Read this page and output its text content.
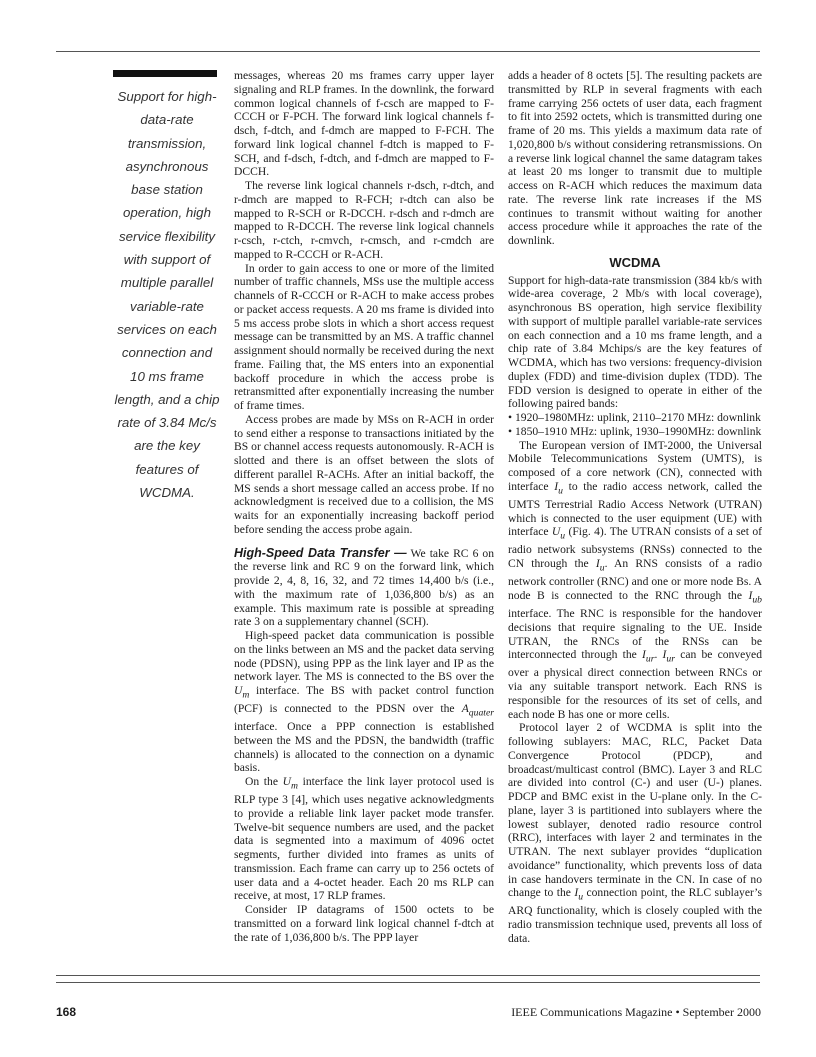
Support for high-data-rate transmission, asynchronous base station operation, high service flexibility with support of multiple parallel variable-rate services on each connection and 10 ms frame length, and a chip rate of 3.84 Mc/s are the key features of WCDMA.

messages, whereas 20 ms frames carry upper layer signaling and RLP frames. In the downlink, the forward common logical channels of f-csch are mapped to F-CCCH or F-PCH. The forward link logical channels f-dsch, f-dtch, and f-dmch are mapped to F-FCH. The forward link logical channel f-dtch is mapped to F-SCH, and f-dsch, f-dtch, and f-dmch are mapped to F-DCCH.

The reverse link logical channels r-dsch, r-dtch, and r-dmch are mapped to R-FCH; r-dtch can also be mapped to R-SCH or R-DCCH. r-dsch and r-dmch are mapped to R-DCCH. The reverse link logical channels r-csch, r-ctch, r-cmvch, r-cmsch, and r-cmdch are mapped to R-CCCH or R-ACH.

In order to gain access to one or more of the limited number of traffic channels, MSs use the multiple access channels of R-CCCH or R-ACH to make access probes or packet access requests. A 20 ms frame is divided into 5 ms access probe slots in which a short access request message can be transmitted by an MS. A traffic channel assignment should normally be received during the next frame. Failing that, the MS enters into an exponential backoff procedure in which the access probe is retransmitted after exponentially increasing the number of frame times.

Access probes are made by MSs on R-ACH in order to send either a response to transactions initiated by the BS or channel access requests autonomously. R-ACH is slotted and there is an offset between the slots of different parallel R-ACHs. After an initial backoff, the MS sends a short message called an access probe. If no acknowledgment is received due to a collision, the MS waits for an exponentially increasing backoff period before sending the access probe again.

High-Speed Data Transfer — We take RC 6 on the reverse link and RC 9 on the forward link, which provide 2, 4, 8, 16, 32, and 72 times 14,400 b/s (i.e., with the maximum rate of 1,036,800 b/s) as an example. This maximum rate is possible at spreading rate 3 on a supplementary channel (SCH).

High-speed packet data communication is possible on the links between an MS and the packet data serving node (PDSN), using PPP as the link layer and IP as the network layer. The MS is connected to the BS over the $U_m$ interface. The BS with packet control function (PCF) is connected to the PDSN over the $A_{quater}$ interface. Once a PPP connection is established between the MS and the PDSN, the bandwidth (traffic channels) is allocated to the connection on a dynamic basis.

On the $U_m$ interface the link layer protocol used is RLP type 3 [4], which uses negative acknowledgments to provide a reliable link layer packet mode transfer. Twelve-bit sequence numbers are used, and the packet data is segmented into a maximum of 4096 octet segments, further divided into frames as units of transmission. Each frame can carry up to 256 octets of user data and a 4-octet header. Each 20 ms RLP can receive, at most, 17 RLP frames.

Consider IP datagrams of 1500 octets to be transmitted on a forward link logical channel f-dtch at the rate of 1,036,800 b/s. The PPP layer

adds a header of 8 octets [5]. The resulting packets are transmitted by RLP in several fragments with each frame carrying 256 octets of user data, each fragment to fit into 2592 octets, which is transmitted during one frame of 20 ms. This yields a maximum data rate of 1,020,800 b/s without considering retransmissions. On a reverse link logical channel the same datagram takes at least 20 ms longer to transmit due to multiple access on R-ACH which reduces the maximum data rate. The reverse link rate increases if the MS continues to transmit without waiting for another access procedure while it approaches the rate of the downlink.

WCDMA

Support for high-data-rate transmission (384 kb/s with wide-area coverage, 2 Mb/s with local coverage), asynchronous BS operation, high service flexibility with support of multiple parallel variable-rate services on each connection and a 10 ms frame length, and a chip rate of 3.84 Mchips/s are the key features of WCDMA, which has two versions: frequency-division duplex (FDD) and time-division duplex (TDD). The FDD version is designed to operate in either of the following paired bands:

• 1920–1980MHz: uplink, 2110–2170 MHz: downlink
• 1850–1910 MHz: uplink, 1930–1990MHz: downlink

The European version of IMT-2000, the Universal Mobile Telecommunications System (UMTS), is composed of a core network (CN), connected with interface $I_u$ to the radio access network, called the UMTS Terrestrial Radio Access Network (UTRAN) which is connected to the user equipment (UE) with interface $U_u$ (Fig. 4). The UTRAN consists of a set of radio network subsystems (RNSs) connected to the CN through the $I_u$. An RNS consists of a radio network controller (RNC) and one or more node Bs. A node B is connected to the RNC through the $I_{ub}$ interface. The RNC is responsible for the handover decisions that require signaling to the UE. Inside UTRAN, the RNCs of the RNSs can be interconnected through the $I_{ur}$. $I_{ur}$ can be conveyed over a physical direct connection between RNCs or via any suitable transport network. Each RNS is responsible for the resources of its set of cells, and each node B has one or more cells.

Protocol layer 2 of WCDMA is split into the following sublayers: MAC, RLC, Packet Data Convergence Protocol (PDCP), and broadcast/multicast control (BMC). Layer 3 and RLC are divided into control (C-) and user (U-) planes. PDCP and BMC exist in the U-plane only. In the C-plane, layer 3 is partitioned into sublayers where the lowest sublayer, denoted radio resource control (RRC), interfaces with layer 2 and terminates in the UTRAN. The next sublayer provides “duplication avoidance” functionality, which prevents loss of data in case handovers terminate in the CN. In case of no change to the $I_u$ connection point, the RLC sublayer’s ARQ functionality, which is closely coupled with the radio transmission technique used, prevents all loss of data.

168	IEEE Communications Magazine • September 2000
